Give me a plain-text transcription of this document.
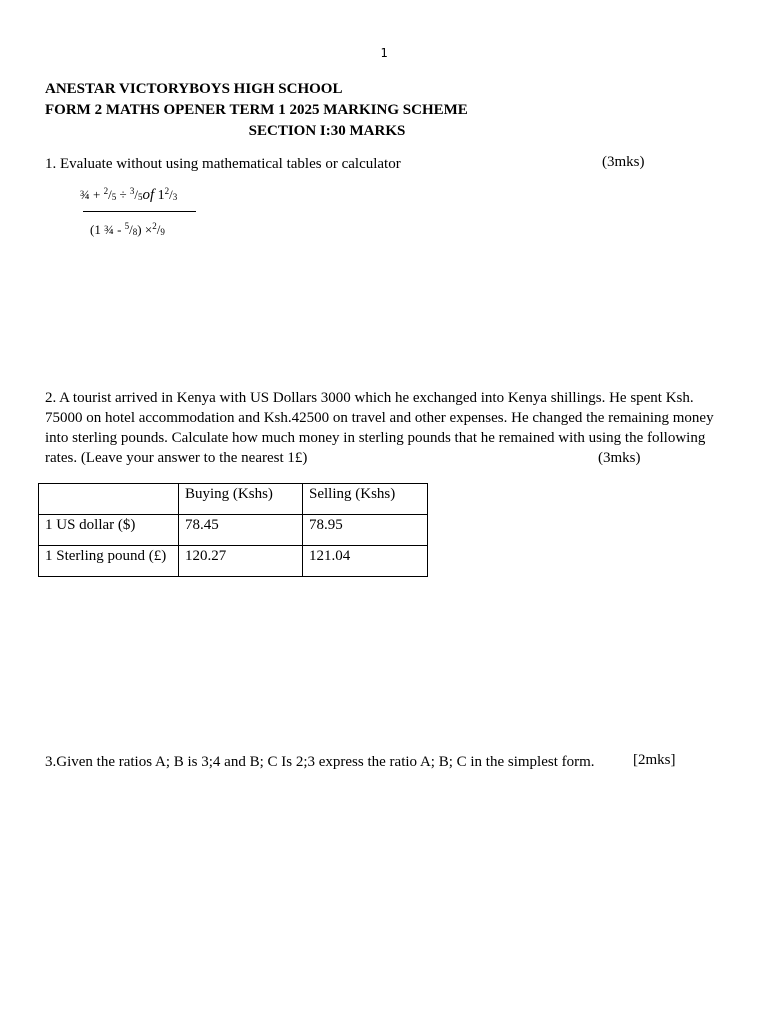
1
ANESTAR VICTORYBOYS HIGH SCHOOL
FORM 2 MATHS OPENER TERM 1 2025 MARKING SCHEME
SECTION I:30 MARKS
1. Evaluate without using mathematical tables or calculator	(3mks)
¾ + $^2$/5 ÷ $^3$/5of $1^2/3$
(1 ¾ - $^5$/8) ×$^2$/9
2. A tourist arrived in Kenya with US Dollars 3000 which he exchanged into Kenya shillings. He spent Ksh. 75000 on hotel accommodation and Ksh.42500 on travel and other expenses. He changed the remaining money into sterling pounds. Calculate how much money in sterling pounds that he remained with using the following rates. (Leave your answer to the nearest 1£)	(3mks)
	Buying (Kshs)	Selling (Kshs)
1 US dollar ($)	78.45	78.95
1 Sterling pound (£)	120.27	121.04
3.Given the ratios A; B is 3;4 and B; C Is 2;3 express the ratio A; B; C in the simplest form.	[2mks]
